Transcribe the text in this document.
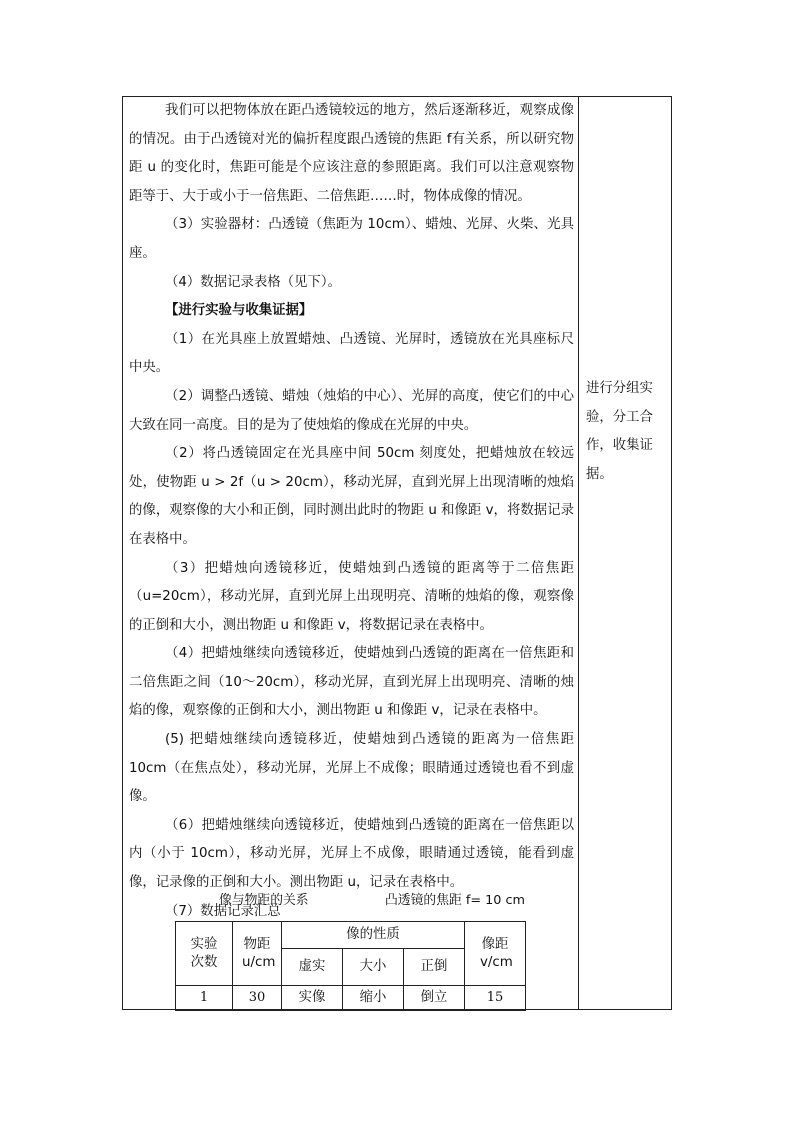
我们可以把物体放在距凸透镜较远的地方，然后逐渐移近，观察成像的情况。由于凸透镜对光的偏折程度跟凸透镜的焦距 f有关系，所以研究物距 u 的变化时，焦距可能是个应该注意的参照距离。我们可以注意观察物距等于、大于或小于一倍焦距、二倍焦距……时，物体成像的情况。

（3）实验器材：凸透镜（焦距为 10cm）、蜡烛、光屏、火柴、光具座。

（4）数据记录表格（见下）。

【进行实验与收集证据】

（1）在光具座上放置蜡烛、凸透镜、光屏时，透镜放在光具座标尺中央。

（2）调整凸透镜、蜡烛（烛焰的中心）、光屏的高度，使它们的中心大致在同一高度。目的是为了使烛焰的像成在光屏的中央。

（2）将凸透镜固定在光具座中间 50cm 刻度处，把蜡烛放在较远处，使物距 u > 2f（u > 20cm），移动光屏，直到光屏上出现清晰的烛焰的像，观察像的大小和正倒，同时测出此时的物距 u 和像距 v，将数据记录在表格中。

（3）把蜡烛向透镜移近，使蜡烛到凸透镜的距离等于二倍焦距（u=20cm），移动光屏，直到光屏上出现明亮、清晰的烛焰的像，观察像的正倒和大小，测出物距 u 和像距 v，将数据记录在表格中。

（4）把蜡烛继续向透镜移近，使蜡烛到凸透镜的距离在一倍焦距和二倍焦距之间（10～20cm），移动光屏，直到光屏上出现明亮、清晰的烛焰的像，观察像的正倒和大小，测出物距 u 和像距 v，记录在表格中。

(5) 把蜡烛继续向透镜移近，使蜡烛到凸透镜的距离为一倍焦距 10cm（在焦点处），移动光屏，光屏上不成像；眼睛通过透镜也看不到虚像。

（6）把蜡烛继续向透镜移近，使蜡烛到凸透镜的距离在一倍焦距以内（小于 10cm），移动光屏，光屏上不成像，眼睛通过透镜，能看到虚像，记录像的正倒和大小。测出物距 u，记录在表格中。

（7）数据记录汇总

进行分组实验，分工合作，收集证据。
像与物距的关系	凸透镜的焦距 f= 10 cm
实验次数	物距u/cm	像的性质			像距v/cm

		虚实	大小	正倒	
1	30	实像	缩小	倒立	15
